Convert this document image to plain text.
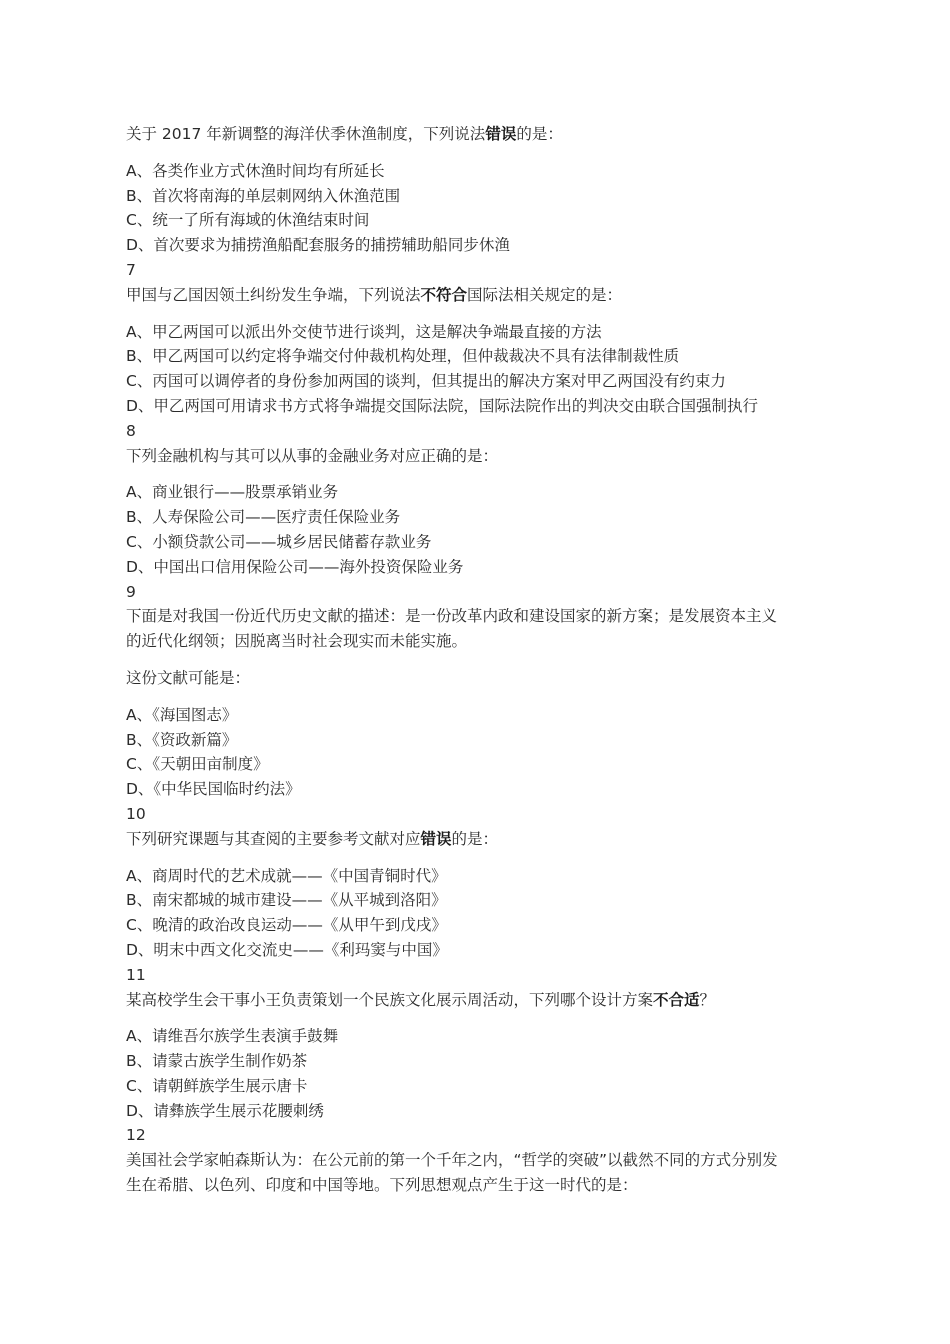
关于 2017 年新调整的海洋伏季休渔制度，下列说法错误的是：

A、各类作业方式休渔时间均有所延长

B、首次将南海的单层刺网纳入休渔范围

C、统一了所有海域的休渔结束时间

D、首次要求为捕捞渔船配套服务的捕捞辅助船同步休渔

7

甲国与乙国因领土纠纷发生争端，下列说法不符合国际法相关规定的是：

A、甲乙两国可以派出外交使节进行谈判，这是解决争端最直接的方法

B、甲乙两国可以约定将争端交付仲裁机构处理，但仲裁裁决不具有法律制裁性质

C、丙国可以调停者的身份参加两国的谈判，但其提出的解决方案对甲乙两国没有约束力

D、甲乙两国可用请求书方式将争端提交国际法院，国际法院作出的判决交由联合国强制执行

8

下列金融机构与其可以从事的金融业务对应正确的是：

A、商业银行——股票承销业务

B、人寿保险公司——医疗责任保险业务

C、小额贷款公司——城乡居民储蓄存款业务

D、中国出口信用保险公司——海外投资保险业务

9

下面是对我国一份近代历史文献的描述：是一份改革内政和建设国家的新方案；是发展资本主义

的近代化纲领；因脱离当时社会现实而未能实施。

这份文献可能是：

A、《海国图志》

B、《资政新篇》

C、《天朝田亩制度》

D、《中华民国临时约法》

10

下列研究课题与其查阅的主要参考文献对应错误的是：

A、商周时代的艺术成就——《中国青铜时代》

B、南宋都城的城市建设——《从平城到洛阳》

C、晚清的政治改良运动——《从甲午到戊戌》

D、明末中西文化交流史——《利玛窦与中国》

11

某高校学生会干事小王负责策划一个民族文化展示周活动，下列哪个设计方案不合适？

A、请维吾尔族学生表演手鼓舞

B、请蒙古族学生制作奶茶

C、请朝鲜族学生展示唐卡

D、请彝族学生展示花腰刺绣

12

美国社会学家帕森斯认为：在公元前的第一个千年之内，“哲学的突破”以截然不同的方式分别发

生在希腊、以色列、印度和中国等地。下列思想观点产生于这一时代的是：
